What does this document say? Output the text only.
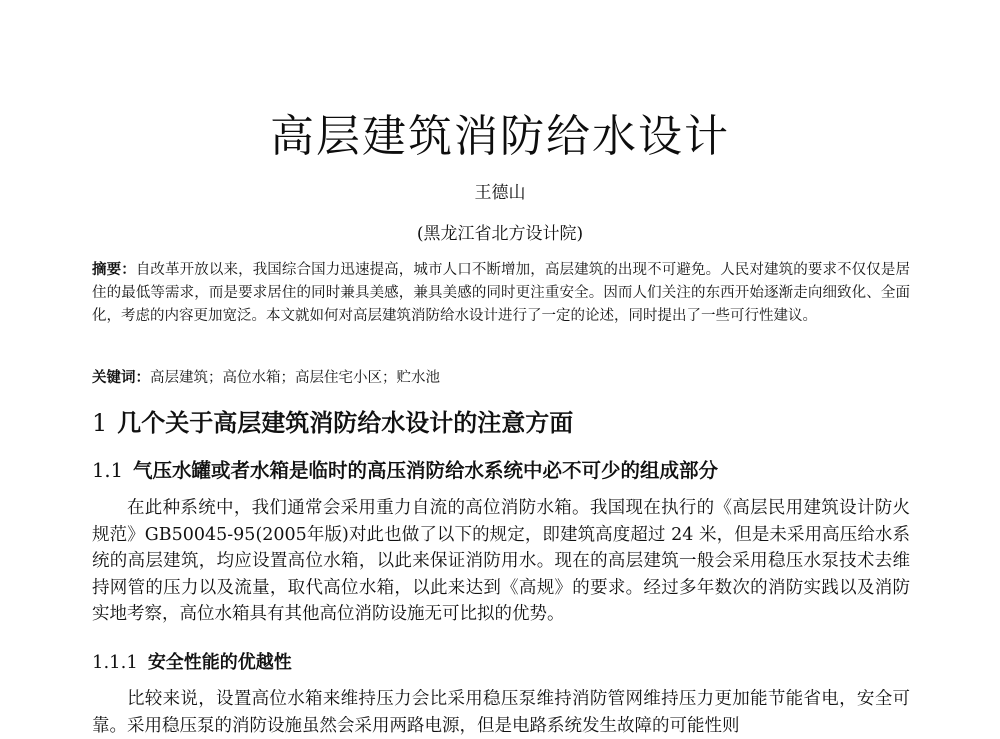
高层建筑消防给水设计
王德山
(黑龙江省北方设计院)
摘要：自改革开放以来，我国综合国力迅速提高，城市人口不断增加，高层建筑的出现不可避免。人民对建筑的要求不仅仅是居住的最低等需求，而是要求居住的同时兼具美感，兼具美感的同时更注重安全。因而人们关注的东西开始逐渐走向细致化、全面化，考虑的内容更加宽泛。本文就如何对高层建筑消防给水设计进行了一定的论述，同时提出了一些可行性建议。
关键词：高层建筑；高位水箱；高层住宅小区；贮水池
1 几个关于高层建筑消防给水设计的注意方面
1.1 气压水罐或者水箱是临时的高压消防给水系统中必不可少的组成部分
在此种系统中，我们通常会采用重力自流的高位消防水箱。我国现在执行的《高层民用建筑设计防火规范》GB50045-95(2005年版)对此也做了以下的规定，即建筑高度超过 24 米，但是未采用高压给水系统的高层建筑，均应设置高位水箱，以此来保证消防用水。现在的高层建筑一般会采用稳压水泵技术去维持网管的压力以及流量，取代高位水箱，以此来达到《高规》的要求。经过多年数次的消防实践以及消防实地考察，高位水箱具有其他高位消防设施无可比拟的优势。
1.1.1 安全性能的优越性
比较来说，设置高位水箱来维持压力会比采用稳压泵维持消防管网维持压力更加能节能省电，安全可靠。采用稳压泵的消防设施虽然会采用两路电源，但是电路系统发生故障的可能性则
